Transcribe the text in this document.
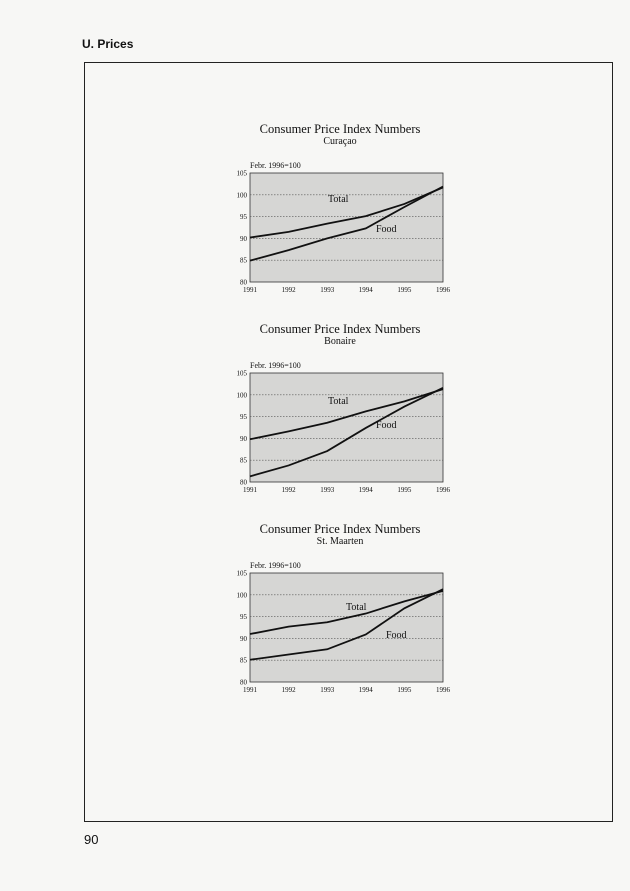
U. Prices
Consumer Price Index Numbers
Curaçao
Febr. 1996=100
80
85
90
95
100
105
1991	1992	1993	1994	1995	1996
Total
Food
Consumer Price Index Numbers
Bonaire
Febr. 1996=100
80
85
90
95
100
105
1991	1992	1993	1994	1995	1996
Total
Food
Consumer Price Index Numbers
St. Maarten
Febr. 1996=100
80
85
90
95
100
105
1991	1992	1993	1994	1995	1996
Total
Food
90
